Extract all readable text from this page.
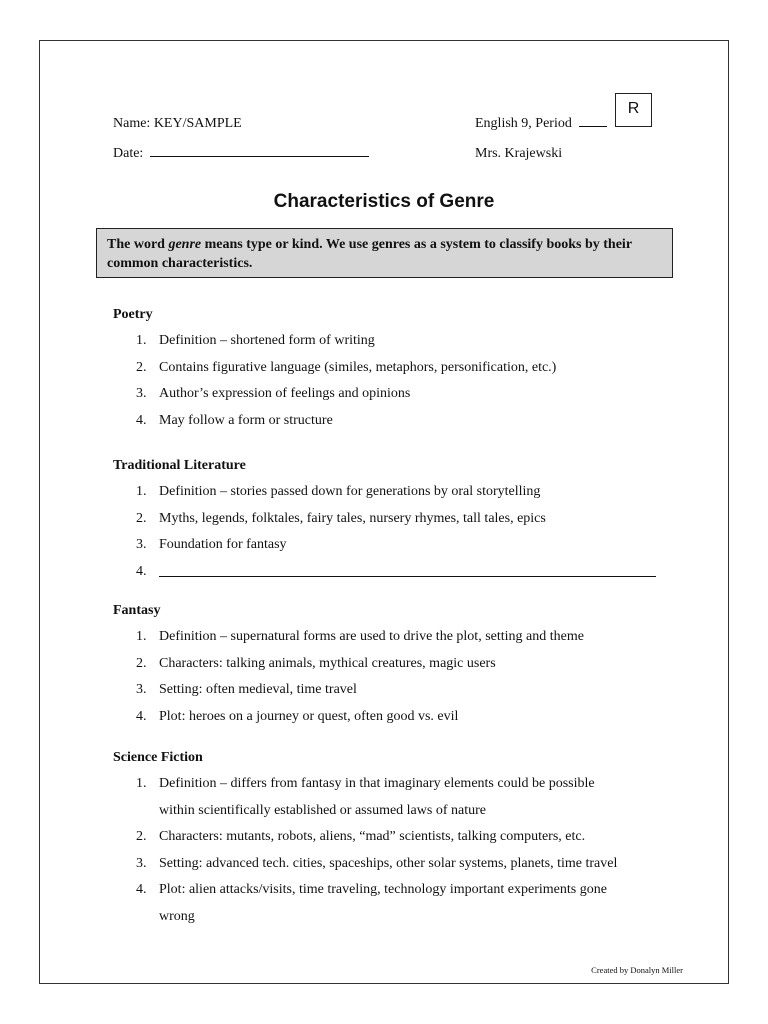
Name: KEY/SAMPLE
Date:
English 9, Period
R
Mrs. Krajewski
Characteristics of Genre
The word genre means type or kind. We use genres as a system to classify books by their common characteristics.
Poetry
1. Definition – shortened form of writing
2. Contains figurative language (similes, metaphors, personification, etc.)
3. Author’s expression of feelings and opinions
4. May follow a form or structure
Traditional Literature
1. Definition – stories passed down for generations by oral storytelling
2. Myths, legends, folktales, fairy tales, nursery rhymes, tall tales, epics
3. Foundation for fantasy
4.
Fantasy
1. Definition – supernatural forms are used to drive the plot, setting and theme
2. Characters: talking animals, mythical creatures, magic users
3. Setting: often medieval, time travel
4. Plot: heroes on a journey or quest, often good vs. evil
Science Fiction
1. Definition – differs from fantasy in that imaginary elements could be possible within scientifically established or assumed laws of nature
2. Characters: mutants, robots, aliens, “mad” scientists, talking computers, etc.
3. Setting: advanced tech. cities, spaceships, other solar systems, planets, time travel
4. Plot: alien attacks/visits, time traveling, technology important experiments gone wrong
Created by Donalyn Miller
